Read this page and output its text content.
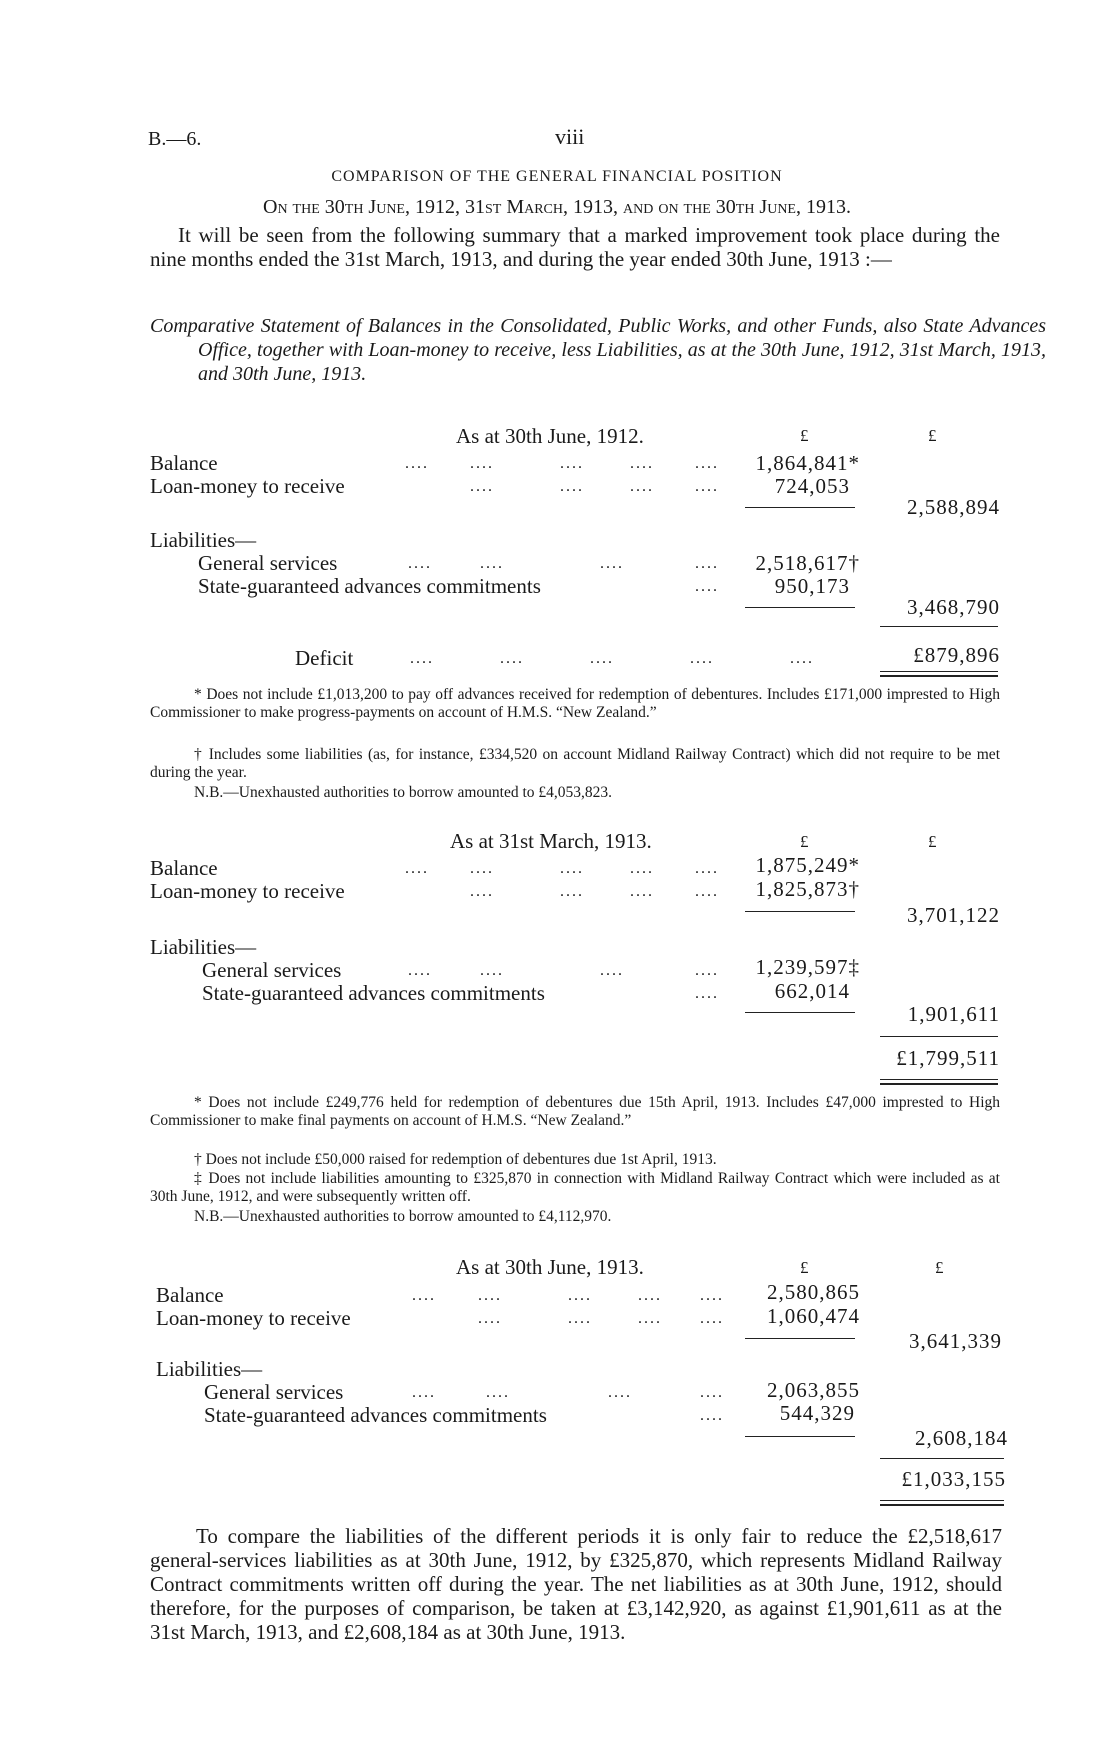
B.—6.	viii
COMPARISON OF THE GENERAL FINANCIAL POSITION
On the 30th June, 1912, 31st March, 1913, and on the 30th June, 1913.
It will be seen from the following summary that a marked improvement took place during the nine months ended the 31st March, 1913, and during the year ended 30th June, 1913 :—
Comparative Statement of Balances in the Consolidated, Public Works, and other Funds, also State Advances Office, together with Loan-money to receive, less Liabilities, as at the 30th June, 1912, 31st March, 1913, and 30th June, 1913.
As at 30th June, 1912.	£	£
Balance	....	....	....	....	....	1,864,841*
Loan-money to receive	....	....	....	....	724,053
2,588,894
Liabilities—
General services	....	....	....	....	2,518,617†
State-guaranteed advances commitments	....	950,173
3,468,790
Deficit	....	....	....	....	....	£879,896
* Does not include £1,013,200 to pay off advances received for redemption of debentures. Includes £171,000 imprested to High Commissioner to make progress-payments on account of H.M.S. “New Zealand.”
† Includes some liabilities (as, for instance, £334,520 on account Midland Railway Contract) which did not require to be met during the year.
N.B.—Unexhausted authorities to borrow amounted to £4,053,823.
As at 31st March, 1913.	£	£
Balance	....	....	....	....	....	1,875,249*
Loan-money to receive	....	....	....	....	1,825,873†
3,701,122
Liabilities—
General services	....	....	....	....	1,239,597‡
State-guaranteed advances commitments	....	662,014
1,901,611
£1,799,511
* Does not include £249,776 held for redemption of debentures due 15th April, 1913. Includes £47,000 imprested to High Commissioner to make final payments on account of H.M.S. “New Zealand.”
† Does not include £50,000 raised for redemption of debentures due 1st April, 1913.
‡ Does not include liabilities amounting to £325,870 in connection with Midland Railway Contract which were included as at 30th June, 1912, and were subsequently written off.
N.B.—Unexhausted authorities to borrow amounted to £4,112,970.
As at 30th June, 1913.	£	£
Balance	....	....	....	.... ....	2,580,865
Loan-money to receive	....	....	.... ....	1,060,474
3,641,339
Liabilities—
General services	....	....	....	....	2,063,855
State-guaranteed advances commitments	....	544,329
2,608,184
£1,033,155
To compare the liabilities of the different periods it is only fair to reduce the £2,518,617 general-services liabilities as at 30th June, 1912, by £325,870, which represents Midland Railway Contract commitments written off during the year. The net liabilities as at 30th June, 1912, should therefore, for the purposes of comparison, be taken at £3,142,920, as against £1,901,611 as at the 31st March, 1913, and £2,608,184 as at 30th June, 1913.
